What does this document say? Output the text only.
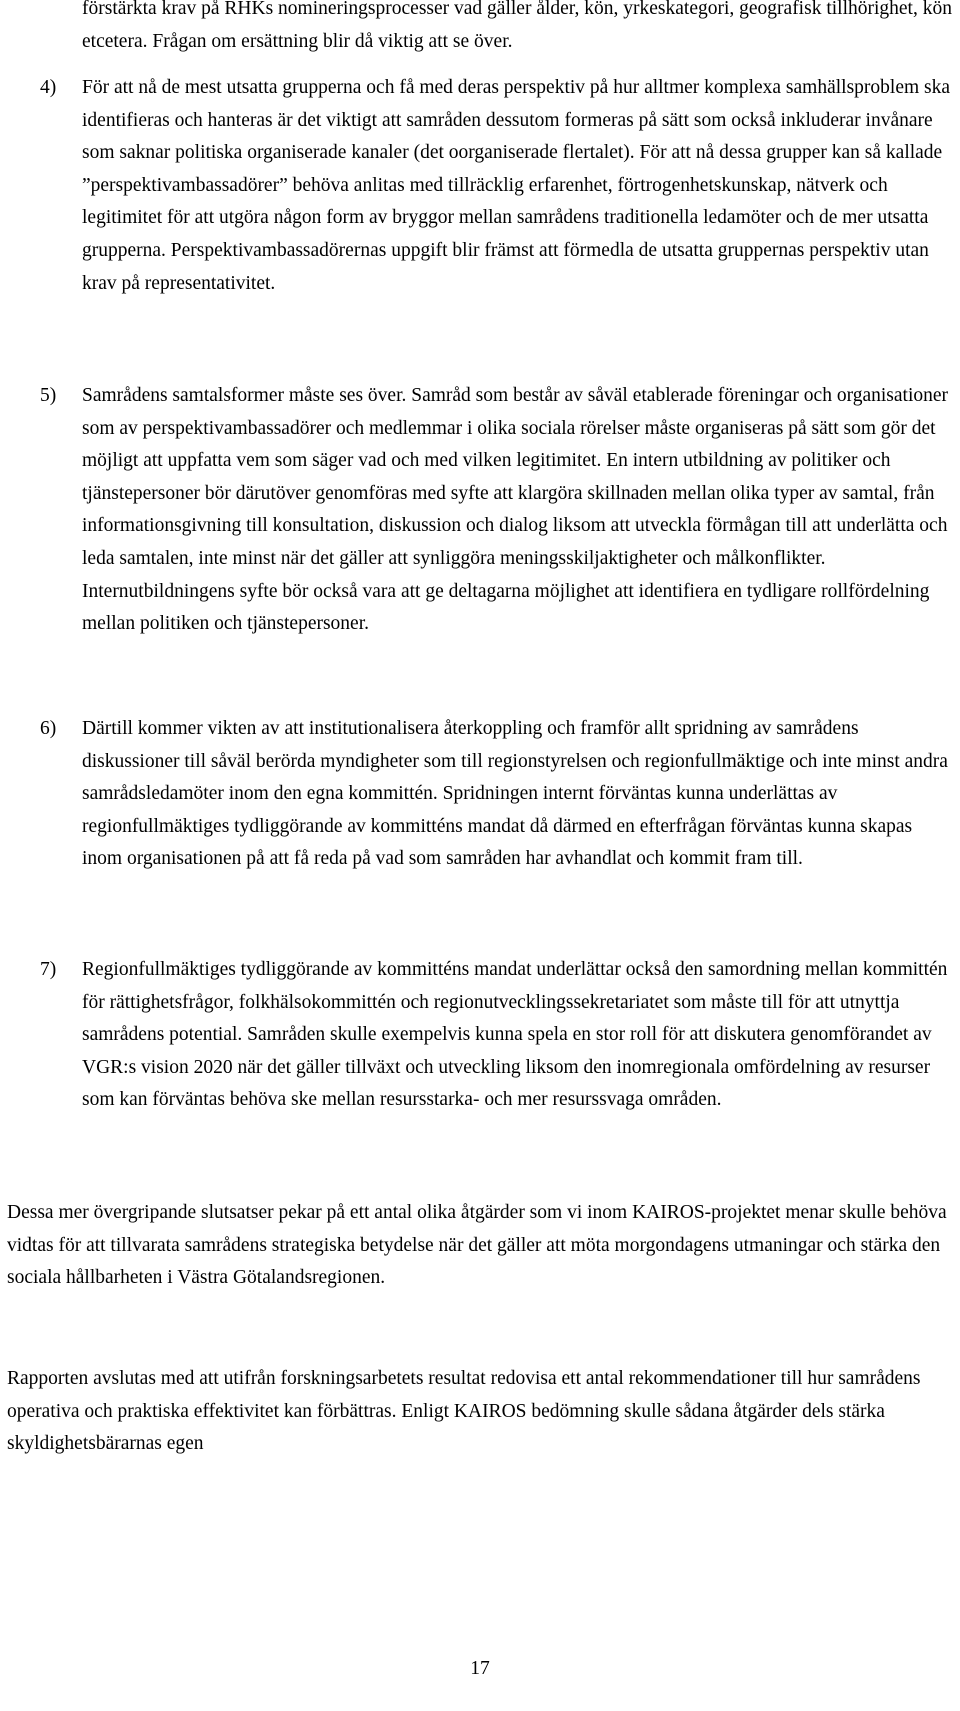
förstärkta krav på RHKs nomineringsprocesser vad gäller ålder, kön, yrkeskategori, geografisk tillhörighet, kön etcetera. Frågan om ersättning blir då viktig att se över.

4) För att nå de mest utsatta grupperna och få med deras perspektiv på hur alltmer komplexa samhällsproblem ska identifieras och hanteras är det viktigt att samråden dessutom formeras på sätt som också inkluderar invånare som saknar politiska organiserade kanaler (det oorganiserade flertalet). För att nå dessa grupper kan så kallade ”perspektivambassadörer” behöva anlitas med tillräcklig erfarenhet, förtrogenhetskunskap, nätverk och legitimitet för att utgöra någon form av bryggor mellan samrådens traditionella ledamöter och de mer utsatta grupperna. Perspektivambassadörernas uppgift blir främst att förmedla de utsatta gruppernas perspektiv utan krav på representativitet.

5) Samrådens samtalsformer måste ses över. Samråd som består av såväl etablerade föreningar och organisationer som av perspektivambassadörer och medlemmar i olika sociala rörelser måste organiseras på sätt som gör det möjligt att uppfatta vem som säger vad och med vilken legitimitet. En intern utbildning av politiker och tjänstepersoner bör därutöver genomföras med syfte att klargöra skillnaden mellan olika typer av samtal, från informationsgivning till konsultation, diskussion och dialog liksom att utveckla förmågan till att underlätta och leda samtalen, inte minst när det gäller att synliggöra meningsskiljaktigheter och målkonflikter. Internutbildningens syfte bör också vara att ge deltagarna möjlighet att identifiera en tydligare rollfördelning mellan politiken och tjänstepersoner.

6) Därtill kommer vikten av att institutionalisera återkoppling och framför allt spridning av samrådens diskussioner till såväl berörda myndigheter som till regionstyrelsen och regionfullmäktige och inte minst andra samrådsledamöter inom den egna kommittén. Spridningen internt förväntas kunna underlättas av regionfullmäktiges tydliggörande av kommitténs mandat då därmed en efterfrågan förväntas kunna skapas inom organisationen på att få reda på vad som samråden har avhandlat och kommit fram till.

7) Regionfullmäktiges tydliggörande av kommitténs mandat underlättar också den samordning mellan kommittén för rättighetsfrågor, folkhälsokommittén och regionutvecklingssekretariatet som måste till för att utnyttja samrådens potential. Samråden skulle exempelvis kunna spela en stor roll för att diskutera genomförandet av VGR:s vision 2020 när det gäller tillväxt och utveckling liksom den inomregionala omfördelning av resurser som kan förväntas behöva ske mellan resursstarka- och mer resurssvaga områden.

Dessa mer övergripande slutsatser pekar på ett antal olika åtgärder som vi inom KAIROS-projektet menar skulle behöva vidtas för att tillvarata samrådens strategiska betydelse när det gäller att möta morgondagens utmaningar och stärka den sociala hållbarheten i Västra Götalandsregionen.

Rapporten avslutas med att utifrån forskningsarbetets resultat redovisa ett antal rekommendationer till hur samrådens operativa och praktiska effektivitet kan förbättras. Enligt KAIROS bedömning skulle sådana åtgärder dels stärka skyldighetsbärarnas egen

17
